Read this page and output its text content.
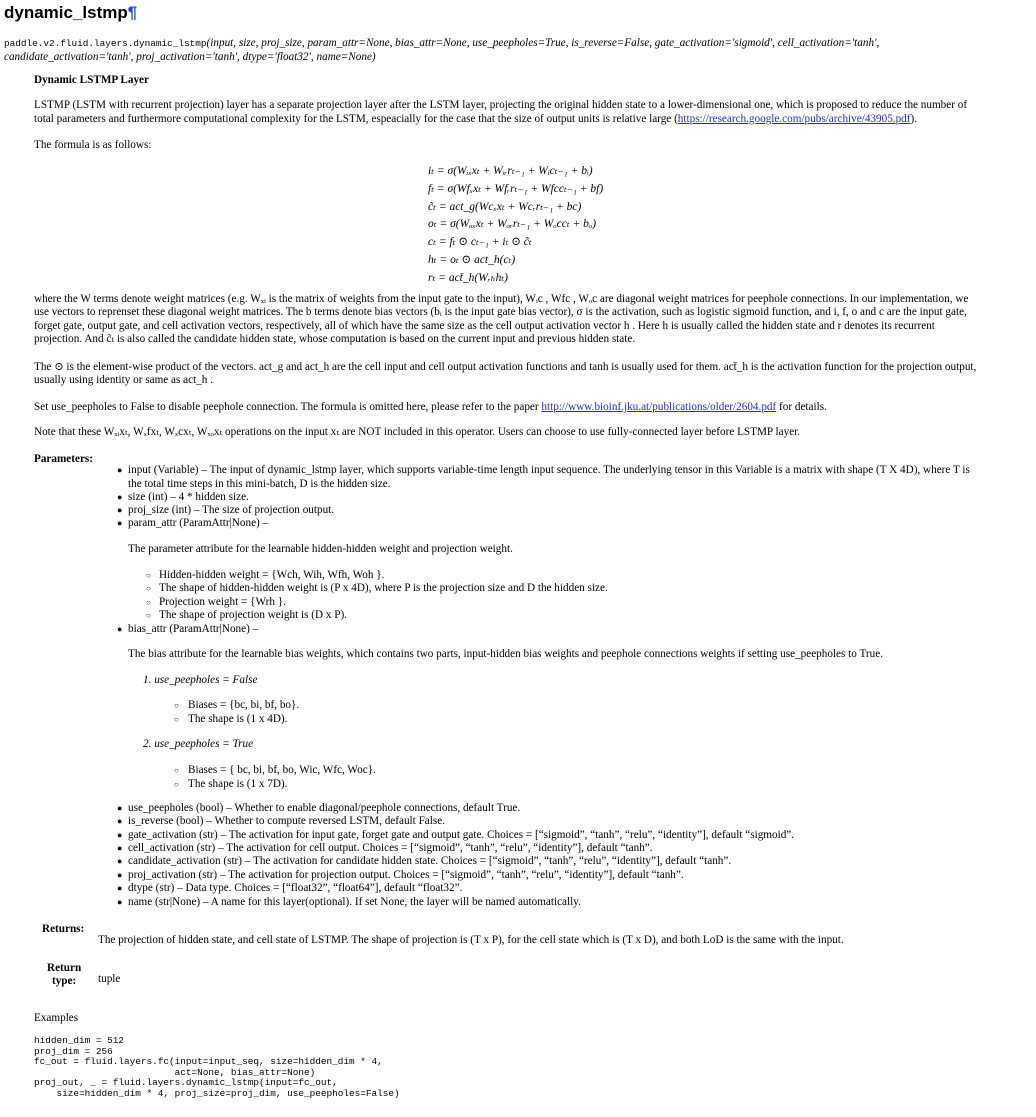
dynamic_lstmp¶
paddle.v2.fluid.layers.dynamic_lstmp(input, size, proj_size, param_attr=None, bias_attr=None, use_peepholes=True, is_reverse=False, gate_activation='sigmoid', cell_activation='tanh',
candidate_activation='tanh', proj_activation='tanh', dtype='float32', name=None)

Dynamic LSTMP Layer

LSTMP (LSTM with recurrent projection) layer has a separate projection layer after the LSTM layer, projecting the original hidden state to a lower-dimensional one, which is proposed to reduce the number of
total parameters and furthermore computational complexity for the LSTM, espeacially for the case that the size of output units is relative large (https://research.google.com/pubs/archive/43905.pdf).

The formula is as follows:

iₜ = σ(Wᵢₓxₜ + Wᵢᵣrₜ₋₁ + Wᵢcₜ₋₁ + bᵢ)
fₜ = σ(Wfₓxₜ + Wfᵣrₜ₋₁ + Wfccₜ₋₁ + bf)
c̃ₜ = act_g(Wcₓxₜ + Wcᵣrₜ₋₁ + bc)
oₜ = σ(Wₒₓxₜ + Wₒᵣrₜ₋₁ + Wₒccₜ + bₒ)
cₜ = fₜ ⊙ cₜ₋₁ + iₜ ⊙ c̃ₜ
hₜ = oₜ ⊙ act_h(cₜ)
rₜ = act̄_h(Wᵣₕhₜ)
where the W terms denote weight matrices (e.g. Wₓᵢ is the matrix of weights from the input gate to the input), Wᵢc , Wfc , Wₒc are diagonal weight matrices for peephole connections. In our implementation, we
use vectors to reprenset these diagonal weight matrices. The b terms denote bias vectors (bᵢ is the input gate bias vector), σ is the activation, such as logistic sigmoid function, and i, f, o and c are the input gate,
forget gate, output gate, and cell activation vectors, respectively, all of which have the same size as the cell output activation vector h . Here h is usually called the hidden state and r denotes its recurrent
projection. And c̃ₜ is also called the candidate hidden state, whose computation is based on the current input and previous hidden state.
The ⊙ is the element-wise product of the vectors. act_g and act_h are the cell input and cell output activation functions and tanh is usually used for them. act̄_h is the activation function for the projection output,
usually using identity or same as act_h .
Set use_peepholes to False to disable peephole connection. The formula is omitted here, please refer to the paper http://www.bioinf.jku.at/publications/older/2604.pdf for details.

Note that these Wₓᵢxₜ, Wₓfxₜ, Wₓcxₜ, Wₓₒxₜ operations on the input xₜ are NOT included in this operator. Users can choose to use fully-connected layer before LSTMP layer.

Parameters:
● input (Variable) – The input of dynamic_lstmp layer, which supports variable-time length input sequence. The underlying tensor in this Variable is a matrix with shape (T X 4D), where T is
the total time steps in this mini-batch, D is the hidden size.
● size (int) – 4 * hidden size.
● proj_size (int) – The size of projection output.
● param_attr (ParamAttr|None) –
The parameter attribute for the learnable hidden-hidden weight and projection weight.
○ Hidden-hidden weight = {Wch, Wih, Wfh, Woh }.
○ The shape of hidden-hidden weight is (P x 4D), where P is the projection size and D the hidden size.
○ Projection weight = {Wrh }.
○ The shape of projection weight is (D x P).
● bias_attr (ParamAttr|None) –
The bias attribute for the learnable bias weights, which contains two parts, input-hidden bias weights and peephole connections weights if setting use_peepholes to True.
1. use_peepholes = False
○ Biases = {bc, bi, bf, bo}.
○ The shape is (1 x 4D).
2. use_peepholes = True
○ Biases = { bc, bi, bf, bo, Wic, Wfc, Woc}.
○ The shape is (1 x 7D).
● use_peepholes (bool) – Whether to enable diagonal/peephole connections, default True.
● is_reverse (bool) – Whether to compute reversed LSTM, default False.
● gate_activation (str) – The activation for input gate, forget gate and output gate. Choices = [“sigmoid”, “tanh”, “relu”, “identity”], default “sigmoid”.
● cell_activation (str) – The activation for cell output. Choices = [“sigmoid”, “tanh”, “relu”, “identity”], default “tanh”.
● candidate_activation (str) – The activation for candidate hidden state. Choices = [“sigmoid”, “tanh”, “relu”, “identity”], default “tanh”.
● proj_activation (str) – The activation for projection output. Choices = [“sigmoid”, “tanh”, “relu”, “identity”], default “tanh”.
● dtype (str) – Data type. Choices = [“float32”, “float64”], default “float32”.
● name (str|None) – A name for this layer(optional). If set None, the layer will be named automatically.
Returns:
The projection of hidden state, and cell state of LSTMP. The shape of projection is (T x P), for the cell state which is (T x D), and both LoD is the same with the input.
Return
type:	tuple
Examples
hidden_dim = 512
proj_dim = 256
fc_out = fluid.layers.fc(input=input_seq, size=hidden_dim * 4,
act=None, bias_attr=None)
proj_out, _ = fluid.layers.dynamic_lstmp(input=fc_out,
size=hidden_dim * 4, proj_size=proj_dim, use_peepholes=False)
